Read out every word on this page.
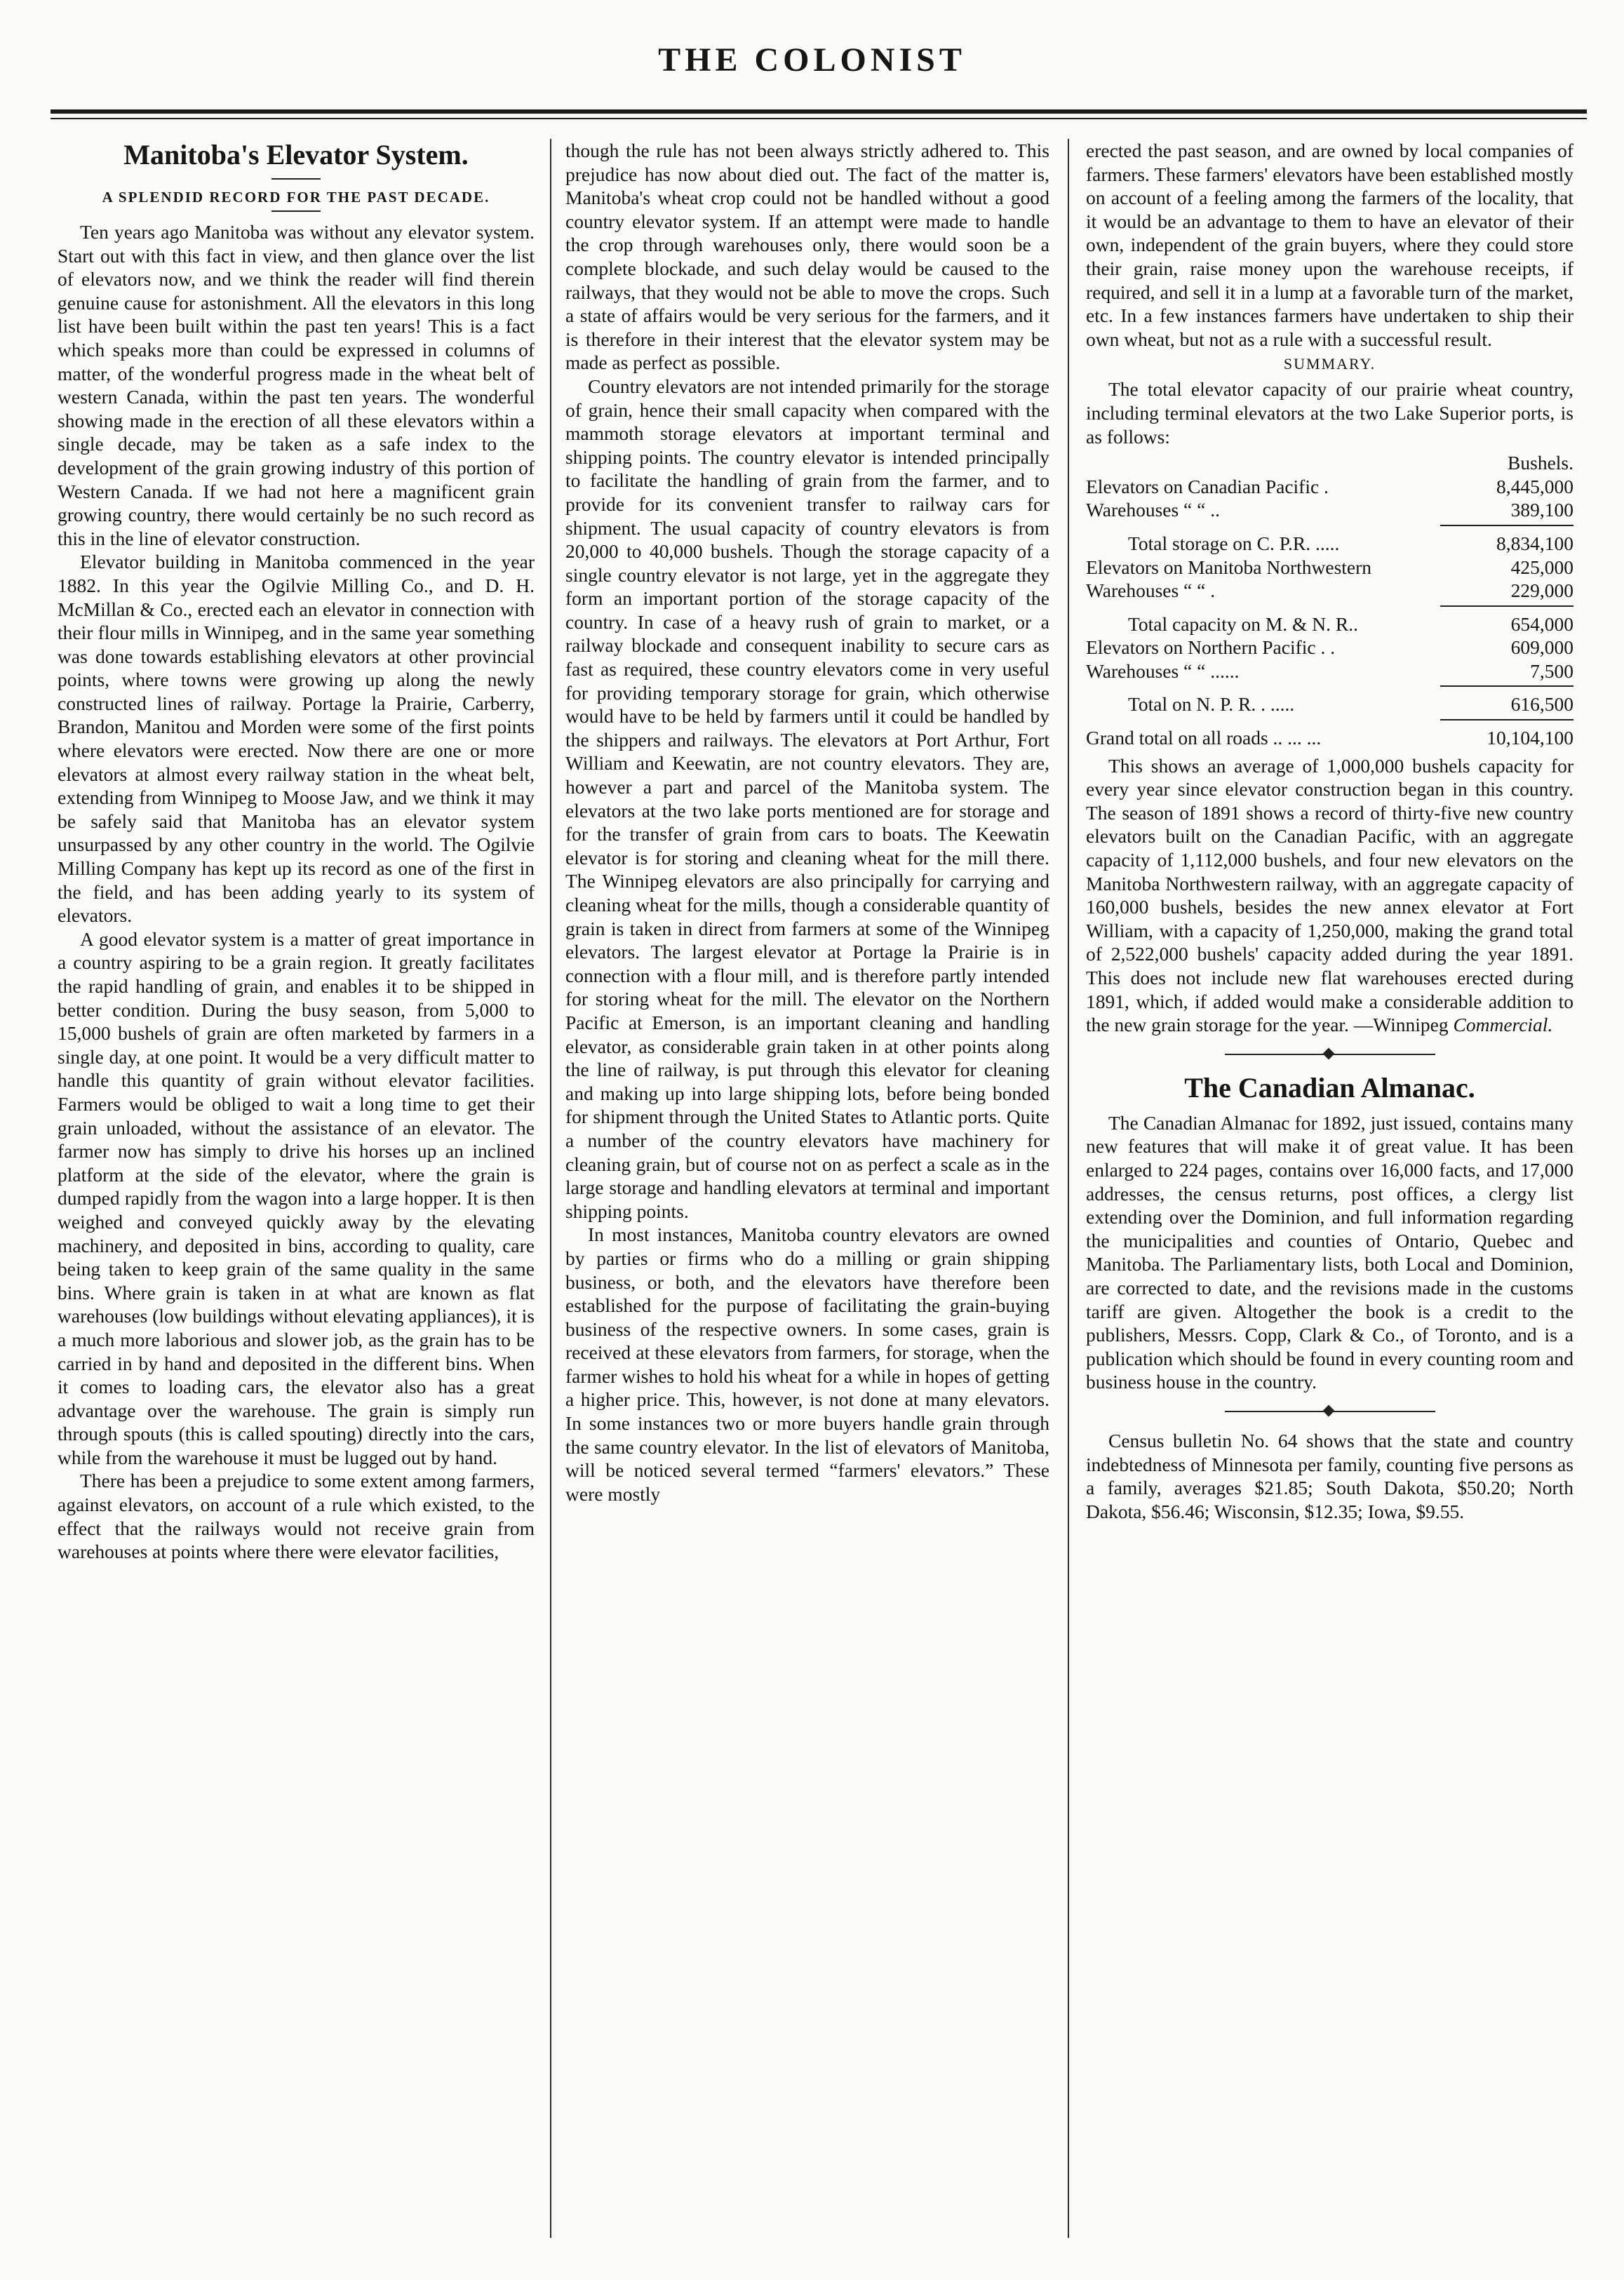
THE COLONIST
Manitoba's Elevator System.
A SPLENDID RECORD FOR THE PAST DECADE.

Ten years ago Manitoba was without any elevator system. Start out with this fact in view, and then glance over the list of elevators now, and we think the reader will find therein genuine cause for astonishment. All the elevators in this long list have been built within the past ten years! This is a fact which speaks more than could be expressed in columns of matter, of the wonderful progress made in the wheat belt of western Canada, within the past ten years. The wonderful showing made in the erection of all these elevators within a single decade, may be taken as a safe index to the development of the grain growing industry of this portion of Western Canada. If we had not here a magnificent grain growing country, there would certainly be no such record as this in the line of elevator construction.

Elevator building in Manitoba commenced in the year 1882. In this year the Ogilvie Milling Co., and D. H. McMillan & Co., erected each an elevator in connection with their flour mills in Winnipeg, and in the same year something was done towards establishing elevators at other provincial points, where towns were growing up along the newly constructed lines of railway. Portage la Prairie, Carberry, Brandon, Manitou and Morden were some of the first points where elevators were erected. Now there are one or more elevators at almost every railway station in the wheat belt, extending from Winnipeg to Moose Jaw, and we think it may be safely said that Manitoba has an elevator system unsurpassed by any other country in the world. The Ogilvie Milling Company has kept up its record as one of the first in the field, and has been adding yearly to its system of elevators.

A good elevator system is a matter of great importance in a country aspiring to be a grain region. It greatly facilitates the rapid handling of grain, and enables it to be shipped in better condition. During the busy season, from 5,000 to 15,000 bushels of grain are often marketed by farmers in a single day, at one point. It would be a very difficult matter to handle this quantity of grain without elevator facilities. Farmers would be obliged to wait a long time to get their grain unloaded, without the assistance of an elevator. The farmer now has simply to drive his horses up an inclined platform at the side of the elevator, where the grain is dumped rapidly from the wagon into a large hopper. It is then weighed and conveyed quickly away by the elevating machinery, and deposited in bins, according to quality, care being taken to keep grain of the same quality in the same bins. Where grain is taken in at what are known as flat warehouses (low buildings without elevating appliances), it is a much more laborious and slower job, as the grain has to be carried in by hand and deposited in the different bins. When it comes to loading cars, the elevator also has a great advantage over the warehouse. The grain is simply run through spouts (this is called spouting) directly into the cars, while from the warehouse it must be lugged out by hand.

There has been a prejudice to some extent among farmers, against elevators, on account of a rule which existed, to the effect that the railways would not receive grain from warehouses at points where there were elevator facilities,

though the rule has not been always strictly adhered to. This prejudice has now about died out. The fact of the matter is, Manitoba's wheat crop could not be handled without a good country elevator system. If an attempt were made to handle the crop through warehouses only, there would soon be a complete blockade, and such delay would be caused to the railways, that they would not be able to move the crops. Such a state of affairs would be very serious for the farmers, and it is therefore in their interest that the elevator system may be made as perfect as possible.

Country elevators are not intended primarily for the storage of grain, hence their small capacity when compared with the mammoth storage elevators at important terminal and shipping points. The country elevator is intended principally to facilitate the handling of grain from the farmer, and to provide for its convenient transfer to railway cars for shipment. The usual capacity of country elevators is from 20,000 to 40,000 bushels. Though the storage capacity of a single country elevator is not large, yet in the aggregate they form an important portion of the storage capacity of the country. In case of a heavy rush of grain to market, or a railway blockade and consequent inability to secure cars as fast as required, these country elevators come in very useful for providing temporary storage for grain, which otherwise would have to be held by farmers until it could be handled by the shippers and railways. The elevators at Port Arthur, Fort William and Keewatin, are not country elevators. They are, however a part and parcel of the Manitoba system. The elevators at the two lake ports mentioned are for storage and for the transfer of grain from cars to boats. The Keewatin elevator is for storing and cleaning wheat for the mill there. The Winnipeg elevators are also principally for carrying and cleaning wheat for the mills, though a considerable quantity of grain is taken in direct from farmers at some of the Winnipeg elevators. The largest elevator at Portage la Prairie is in connection with a flour mill, and is therefore partly intended for storing wheat for the mill. The elevator on the Northern Pacific at Emerson, is an important cleaning and handling elevator, as considerable grain taken in at other points along the line of railway, is put through this elevator for cleaning and making up into large shipping lots, before being bonded for shipment through the United States to Atlantic ports. Quite a number of the country elevators have machinery for cleaning grain, but of course not on as perfect a scale as in the large storage and handling elevators at terminal and important shipping points.

In most instances, Manitoba country elevators are owned by parties or firms who do a milling or grain shipping business, or both, and the elevators have therefore been established for the purpose of facilitating the grain-buying business of the respective owners. In some cases, grain is received at these elevators from farmers, for storage, when the farmer wishes to hold his wheat for a while in hopes of getting a higher price. This, however, is not done at many elevators. In some instances two or more buyers handle grain through the same country elevator. In the list of elevators of Manitoba, will be noticed several termed “farmers' elevators.” These were mostly

erected the past season, and are owned by local companies of farmers. These farmers' elevators have been established mostly on account of a feeling among the farmers of the locality, that it would be an advantage to them to have an elevator of their own, independent of the grain buyers, where they could store their grain, raise money upon the warehouse receipts, if required, and sell it in a lump at a favorable turn of the market, etc. In a few instances farmers have undertaken to ship their own wheat, but not as a rule with a successful result.

SUMMARY.

The total elevator capacity of our prairie wheat country, including terminal elevators at the two Lake Superior ports, is as follows:

Bushels.
Elevators on Canadian Pacific .	8,445,000
Warehouses “ “ ..	389,100
Total storage on C. P.R. .....	8,834,100
Elevators on Manitoba Northwestern	425,000
Warehouses “ “ .	229,000
Total capacity on M. & N. R..	654,000
Elevators on Northern Pacific . .	609,000
Warehouses “ “ ......	7,500
Total on N. P. R. . .....	616,500
Grand total on all roads .. ... ...	10,104,100

This shows an average of 1,000,000 bushels capacity for every year since elevator construction began in this country. The season of 1891 shows a record of thirty-five new country elevators built on the Canadian Pacific, with an aggregate capacity of 1,112,000 bushels, and four new elevators on the Manitoba Northwestern railway, with an aggregate capacity of 160,000 bushels, besides the new annex elevator at Fort William, with a capacity of 1,250,000, making the grand total of 2,522,000 bushels' capacity added during the year 1891. This does not include new flat warehouses erected during 1891, which, if added would make a considerable addition to the new grain storage for the year. —Winnipeg Commercial.

The Canadian Almanac.

The Canadian Almanac for 1892, just issued, contains many new features that will make it of great value. It has been enlarged to 224 pages, contains over 16,000 facts, and 17,000 addresses, the census returns, post offices, a clergy list extending over the Dominion, and full information regarding the municipalities and counties of Ontario, Quebec and Manitoba. The Parliamentary lists, both Local and Dominion, are corrected to date, and the revisions made in the customs tariff are given. Altogether the book is a credit to the publishers, Messrs. Copp, Clark & Co., of Toronto, and is a publication which should be found in every counting room and business house in the country.

Census bulletin No. 64 shows that the state and country indebtedness of Minnesota per family, counting five persons as a family, averages $21.85; South Dakota, $50.20; North Dakota, $56.46; Wisconsin, $12.35; Iowa, $9.55.
